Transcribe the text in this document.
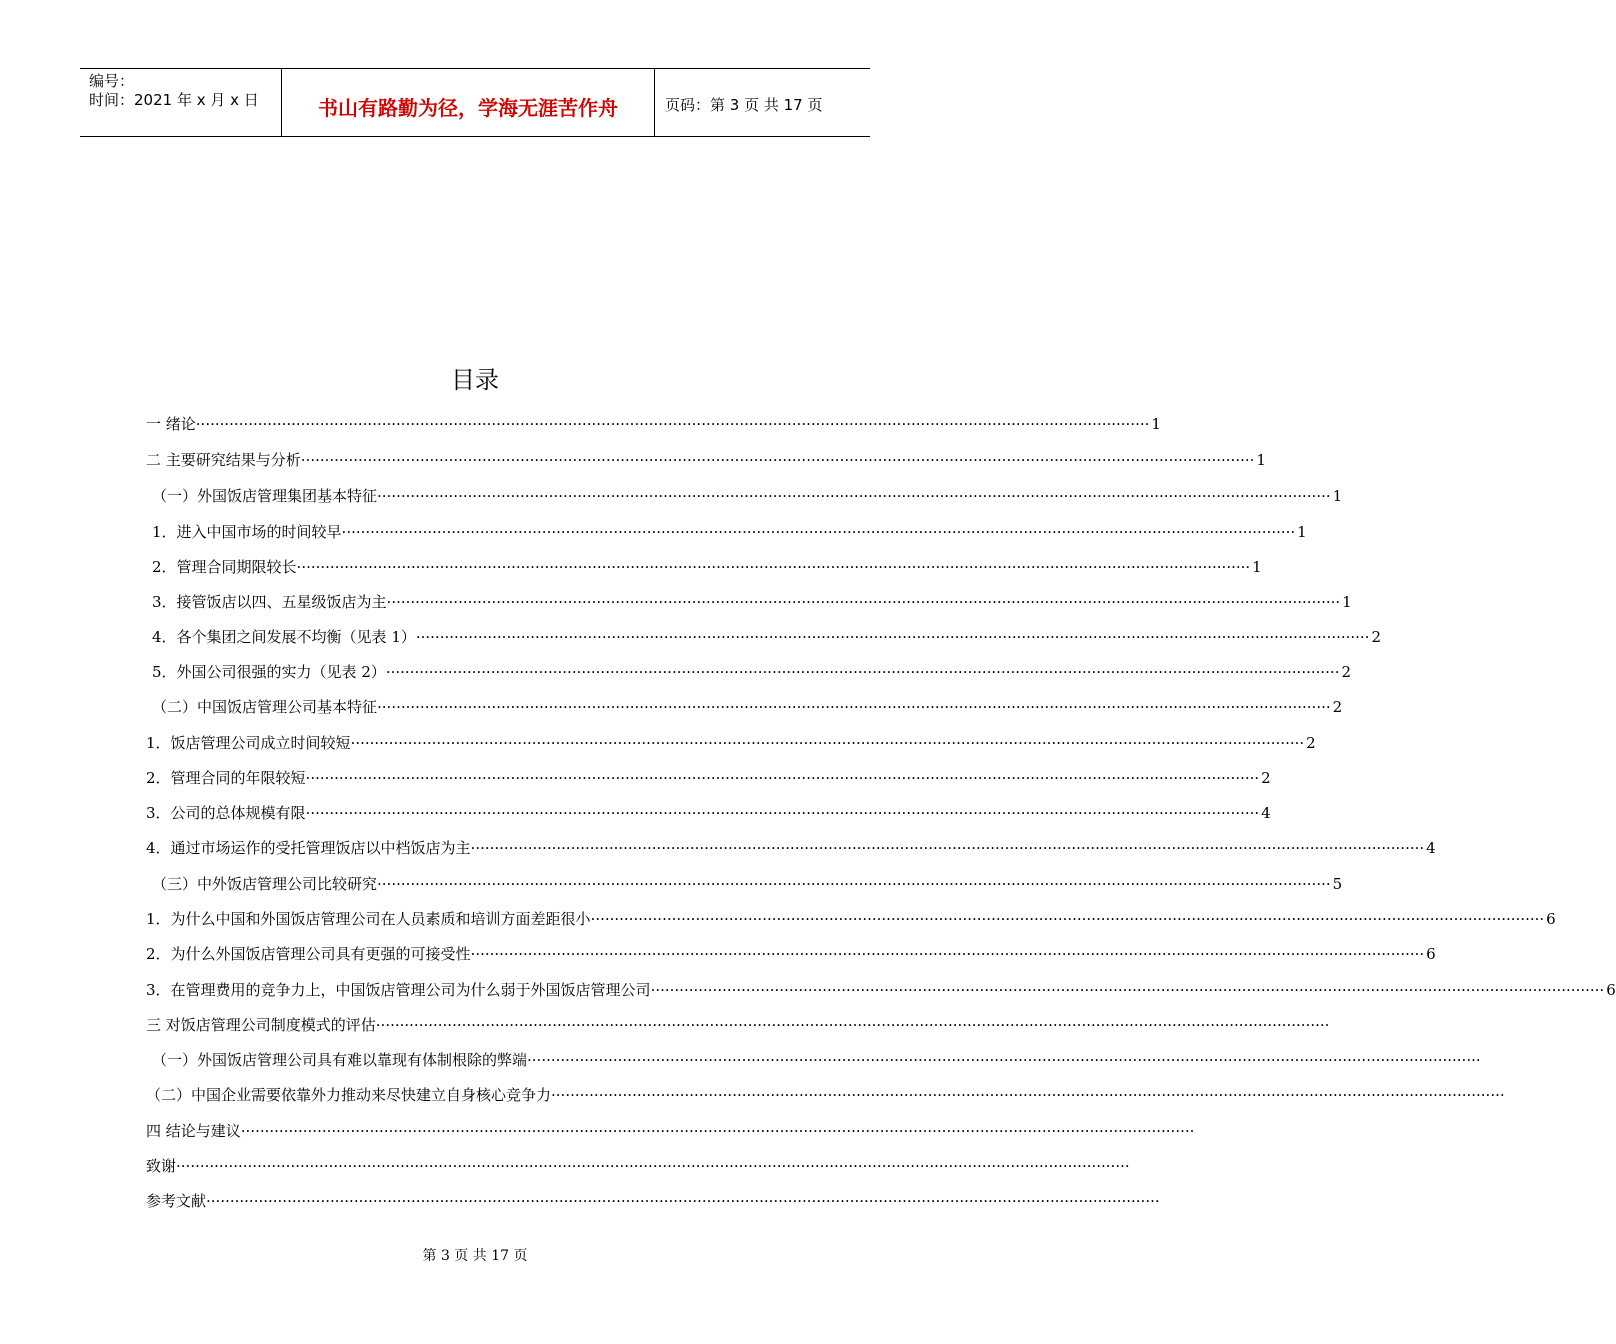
编号：
时间：2021 年 x 月 x 日	书山有路勤为径，学海无涯苦作舟	页码：第 3 页 共 17 页
目录
一 绪论 ········································································································································································································ 1
二 主要研究结果与分析 ········································································································································································································ 1
（一）外国饭店管理集团基本特征 ········································································································································································································ 1
1．进入中国市场的时间较早 ········································································································································································································ 1
2．管理合同期限较长 ········································································································································································································ 1
3．接管饭店以四、五星级饭店为主 ········································································································································································································ 1
4．各个集团之间发展不均衡（见表 1） ········································································································································································································ 2
5．外国公司很强的实力（见表 2） ········································································································································································································ 2
（二）中国饭店管理公司基本特征 ········································································································································································································ 2
1．饭店管理公司成立时间较短 ········································································································································································································ 2
2．管理合同的年限较短 ········································································································································································································ 2
3．公司的总体规模有限 ········································································································································································································ 4
4．通过市场运作的受托管理饭店以中档饭店为主 ········································································································································································································ 4
（三）中外饭店管理公司比较研究 ········································································································································································································ 5
1．为什么中国和外国饭店管理公司在人员素质和培训方面差距很小 ········································································································································································································ 6
2．为什么外国饭店管理公司具有更强的可接受性 ········································································································································································································ 6
3．在管理费用的竞争力上，中国饭店管理公司为什么弱于外国饭店管理公司 ········································································································································································································ 6
三 对饭店管理公司制度模式的评估 ········································································································································································································
（一）外国饭店管理公司具有难以靠现有体制根除的弊端 ········································································································································································································
（二）中国企业需要依靠外力推动来尽快建立自身核心竞争力 ········································································································································································································
四 结论与建议 ········································································································································································································
致谢 ········································································································································································································
参考文献 ········································································································································································································
第 3 页 共 17 页
